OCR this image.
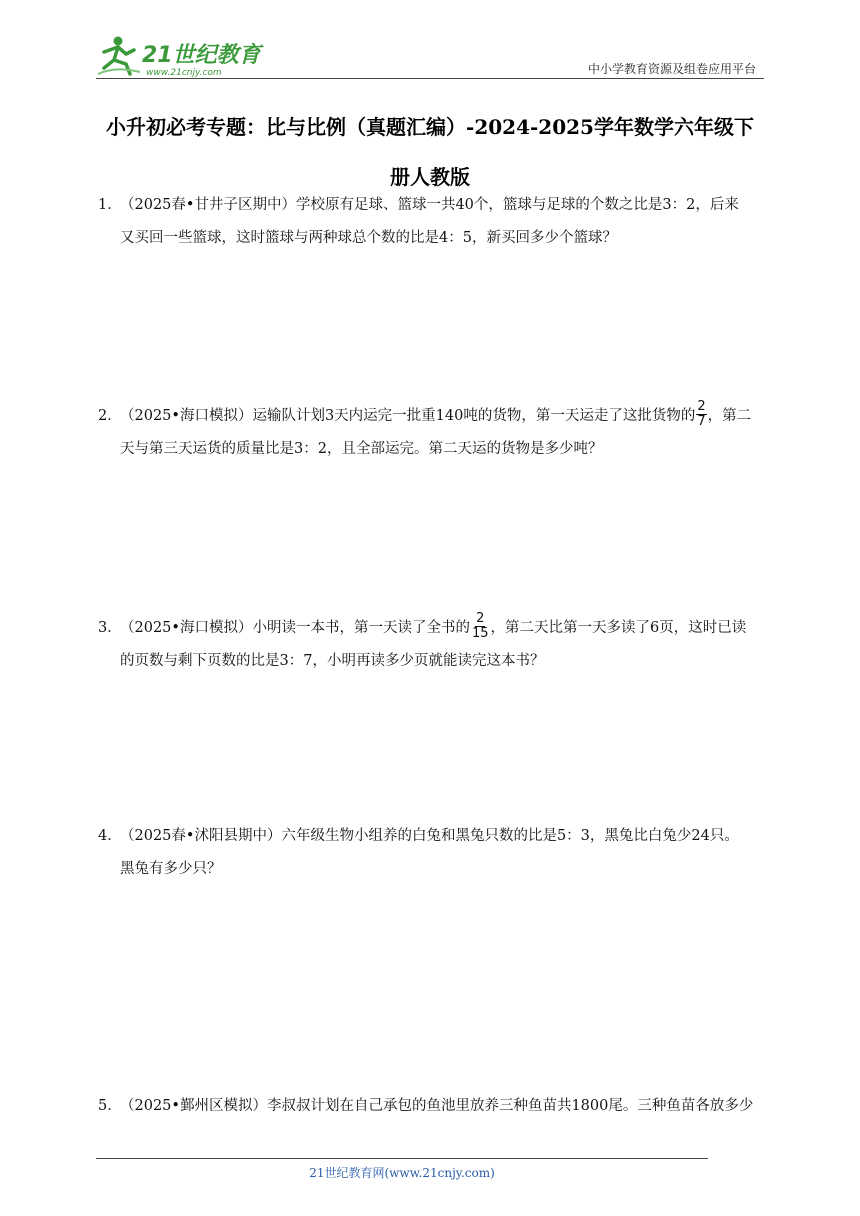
21世纪教育
www.21cnjy.com	中小学教育资源及组卷应用平台
小升初必考专题：比与比例（真题汇编）-2024-2025学年数学六年级下
册人教版
1．
（2025春•甘井子区期中）学校原有足球、篮球一共40个，篮球与足球的个数之比是3：2，后来
又买回一些篮球，这时篮球与两种球总个数的比是4：5，新买回多少个篮球？
2．
（2025•海口模拟）运输队计划3天内运完一批重140吨的货物，第一天运走了这批货物的 $\frac{2}{7}$ ，第二
天与第三天运货的质量比是3：2，且全部运完。第二天运的货物是多少吨？
3．
（2025•海口模拟）小明读一本书，第一天读了全书的 $\frac{2}{15}$ ，第二天比第一天多读了6页，这时已读
的页数与剩下页数的比是3：7，小明再读多少页就能读完这本书？
4．
（2025春•沭阳县期中）六年级生物小组养的白兔和黑兔只数的比是5：3，黑兔比白兔少24只。
黑兔有多少只？
5．
（2025•鄞州区模拟）李叔叔计划在自己承包的鱼池里放养三种鱼苗共1800尾。三种鱼苗各放多少
21世纪教育网(www.21cnjy.com)
